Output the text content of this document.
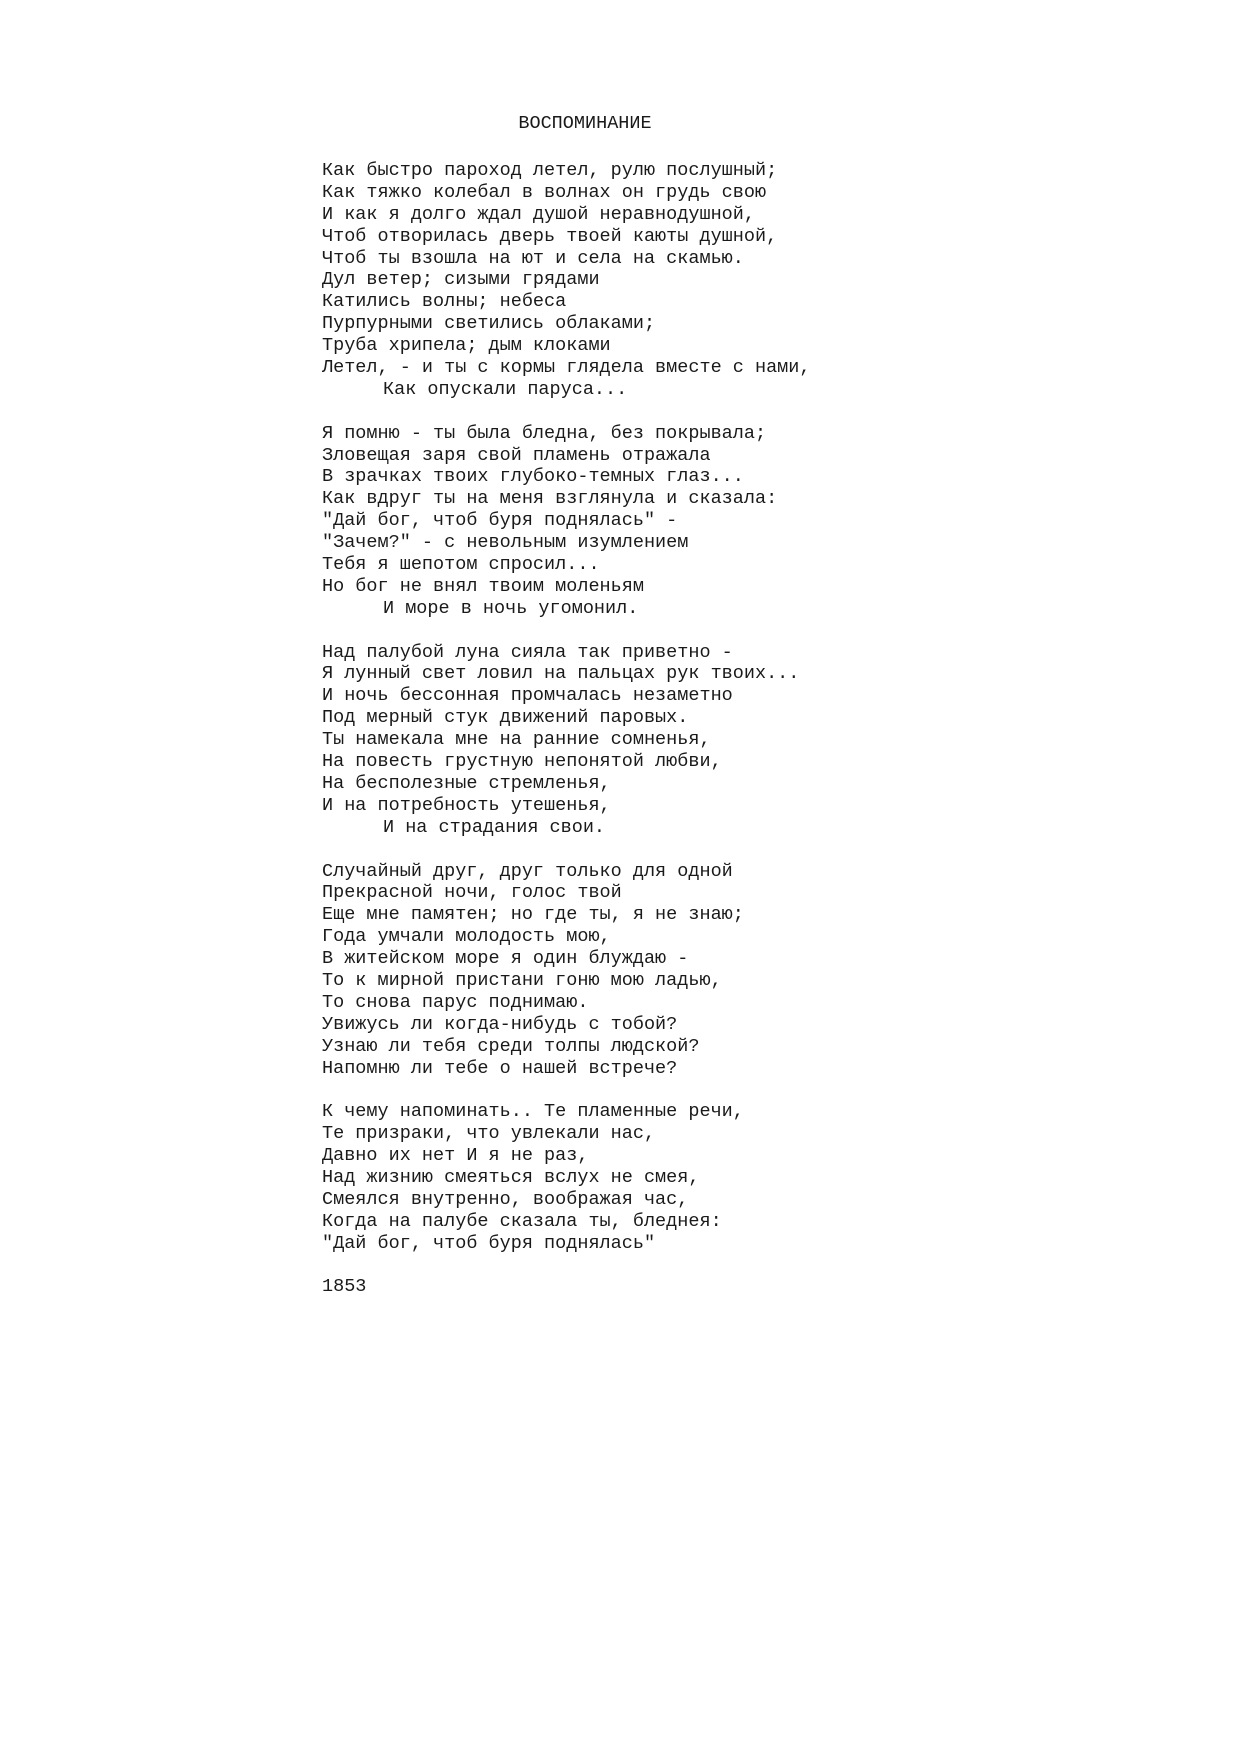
ВОСПОМИНАНИЕ
Как быстро пароход летел, рулю послушный;
Как тяжко колебал в волнах он грудь свою
И как я долго ждал душой неравнодушной,
Чтоб отворилась дверь твоей каюты душной,
Чтоб ты взошла на ют и села на скамью.
Дул ветер; сизыми грядами
Катились волны; небеса
Пурпурными светились облаками;
Труба хрипела; дым клоками
Летел, - и ты с кормы глядела вместе с нами,
Как опускали паруса...
Я помню - ты была бледна, без покрывала;
Зловещая заря свой пламень отражала
В зрачках твоих глубоко-темных глаз...
Как вдруг ты на меня взглянула и сказала:
"Дай бог, чтоб буря поднялась" -
"Зачем?" - с невольным изумлением
Тебя я шепотом спросил...
Но бог не внял твоим моленьям
И море в ночь угомонил.
Над палубой луна сияла так приветно -
Я лунный свет ловил на пальцах рук твоих...
И ночь бессонная промчалась незаметно
Под мерный стук движений паровых.
Ты намекала мне на ранние сомненья,
На повесть грустную непонятой любви,
На бесполезные стремленья,
И на потребность утешенья,
И на страдания свои.
Случайный друг, друг только для одной
Прекрасной ночи, голос твой
Еще мне памятен; но где ты, я не знаю;
Года умчали молодость мою,
В житейском море я один блуждаю -
То к мирной пристани гоню мою ладью,
То снова парус поднимаю.
Увижусь ли когда-нибудь с тобой?
Узнаю ли тебя среди толпы людской?
Напомню ли тебе о нашей встрече?
К чему напоминать.. Те пламенные речи,
Те призраки, что увлекали нас,
Давно их нет И я не раз,
Над жизнию смеяться вслух не смея,
Смеялся внутренно, воображая час,
Когда на палубе сказала ты, бледнея:
"Дай бог, чтоб буря поднялась"
1853
